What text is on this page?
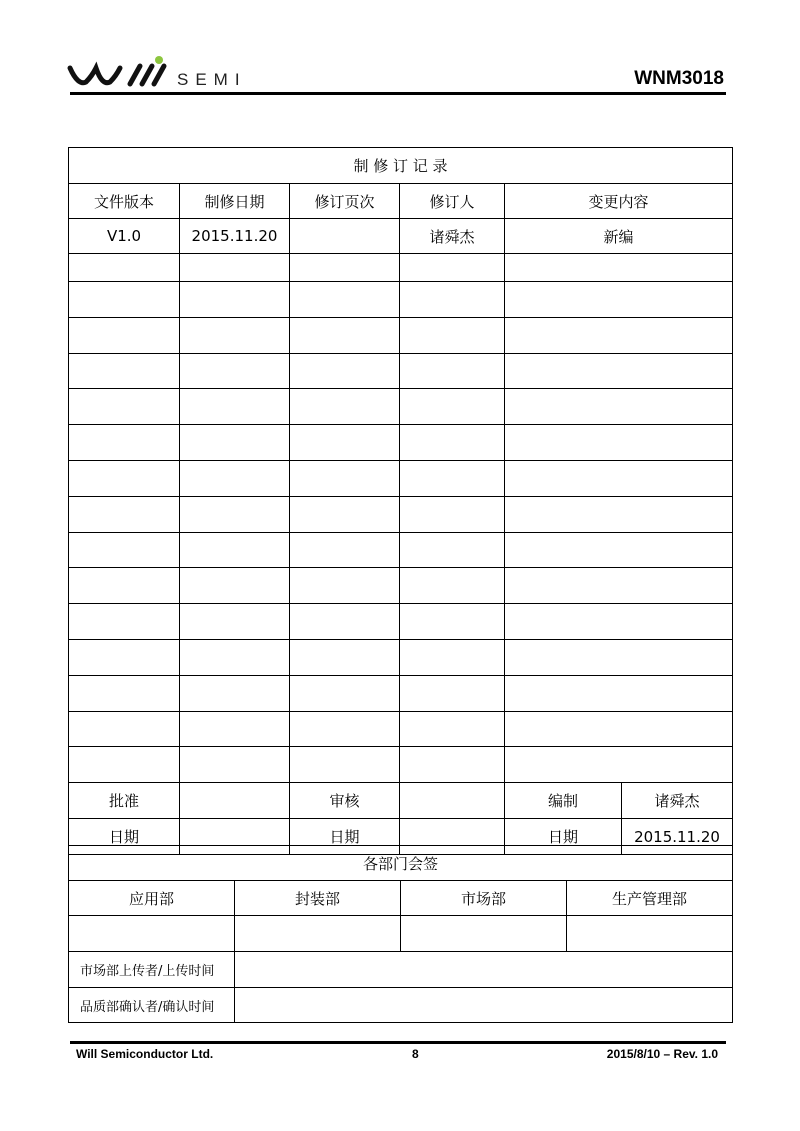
SEMI	WNM3018
制 修 订 记 录					
文件版本	制修日期	修订页次	修订人	变更内容	
V1.0	2015.11.20		诸舜杰	新编	

批准		审核		编制	诸舜杰
日期		日期		日期	2015.11.20
各部门会签			
应用部	封装部	市场部	生产管理部

市场部上传者/上传时间			
品质部确认者/确认时间			
Will Semiconductor Ltd.	8	2015/8/10 – Rev. 1.0
